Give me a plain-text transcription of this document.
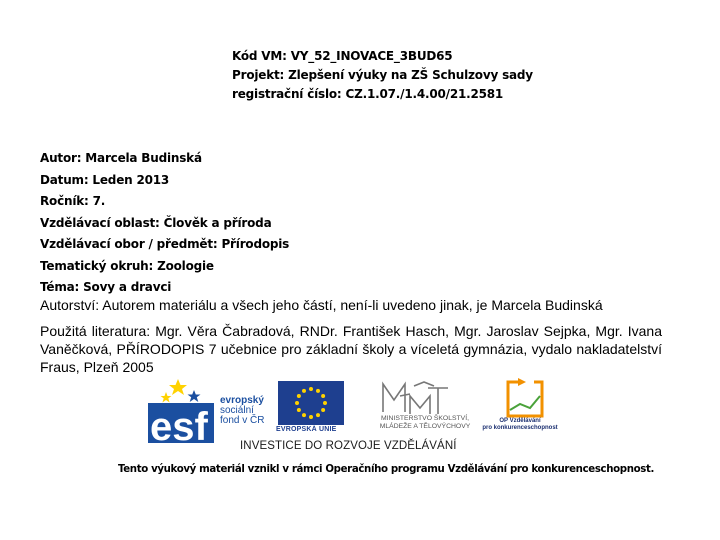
Kód VM: VY_52_INOVACE_3BUD65
Projekt: Zlepšení výuky na ZŠ Schulzovy sady
registrační číslo: CZ.1.07./1.4.00/21.2581
Autor: Marcela Budinská
Datum: Leden 2013
Ročník: 7.
Vzdělávací oblast: Člověk a příroda
Vzdělávací obor / předmět: Přírodopis
Tematický okruh: Zoologie
Téma: Sovy a dravci
Autorství: Autorem materiálu a všech jeho částí, není-li uvedeno jinak, je Marcela Budinská
Použitá literatura: Mgr. Věra Čabradová, RNDr. František Hasch, Mgr. Jaroslav Sejpka, Mgr. Ivana Vaněčková, PŘÍRODOPIS 7 učebnice pro základní školy a víceletá gymnázia, vydalo nakladatelství Fraus, Plzeň 2005
esf
evropský
sociální
fond v ČR
EVROPSKÁ UNIE
MINISTERSTVO ŠKOLSTVÍ,
MLÁDEŽE A TĚLOVÝCHOVY
OP Vzdělávání
pro konkurenceschopnost
INVESTICE DO ROZVOJE VZDĚLÁVÁNÍ
Tento výukový materiál vznikl v rámci Operačního programu Vzdělávání pro konkurenceschopnost.
